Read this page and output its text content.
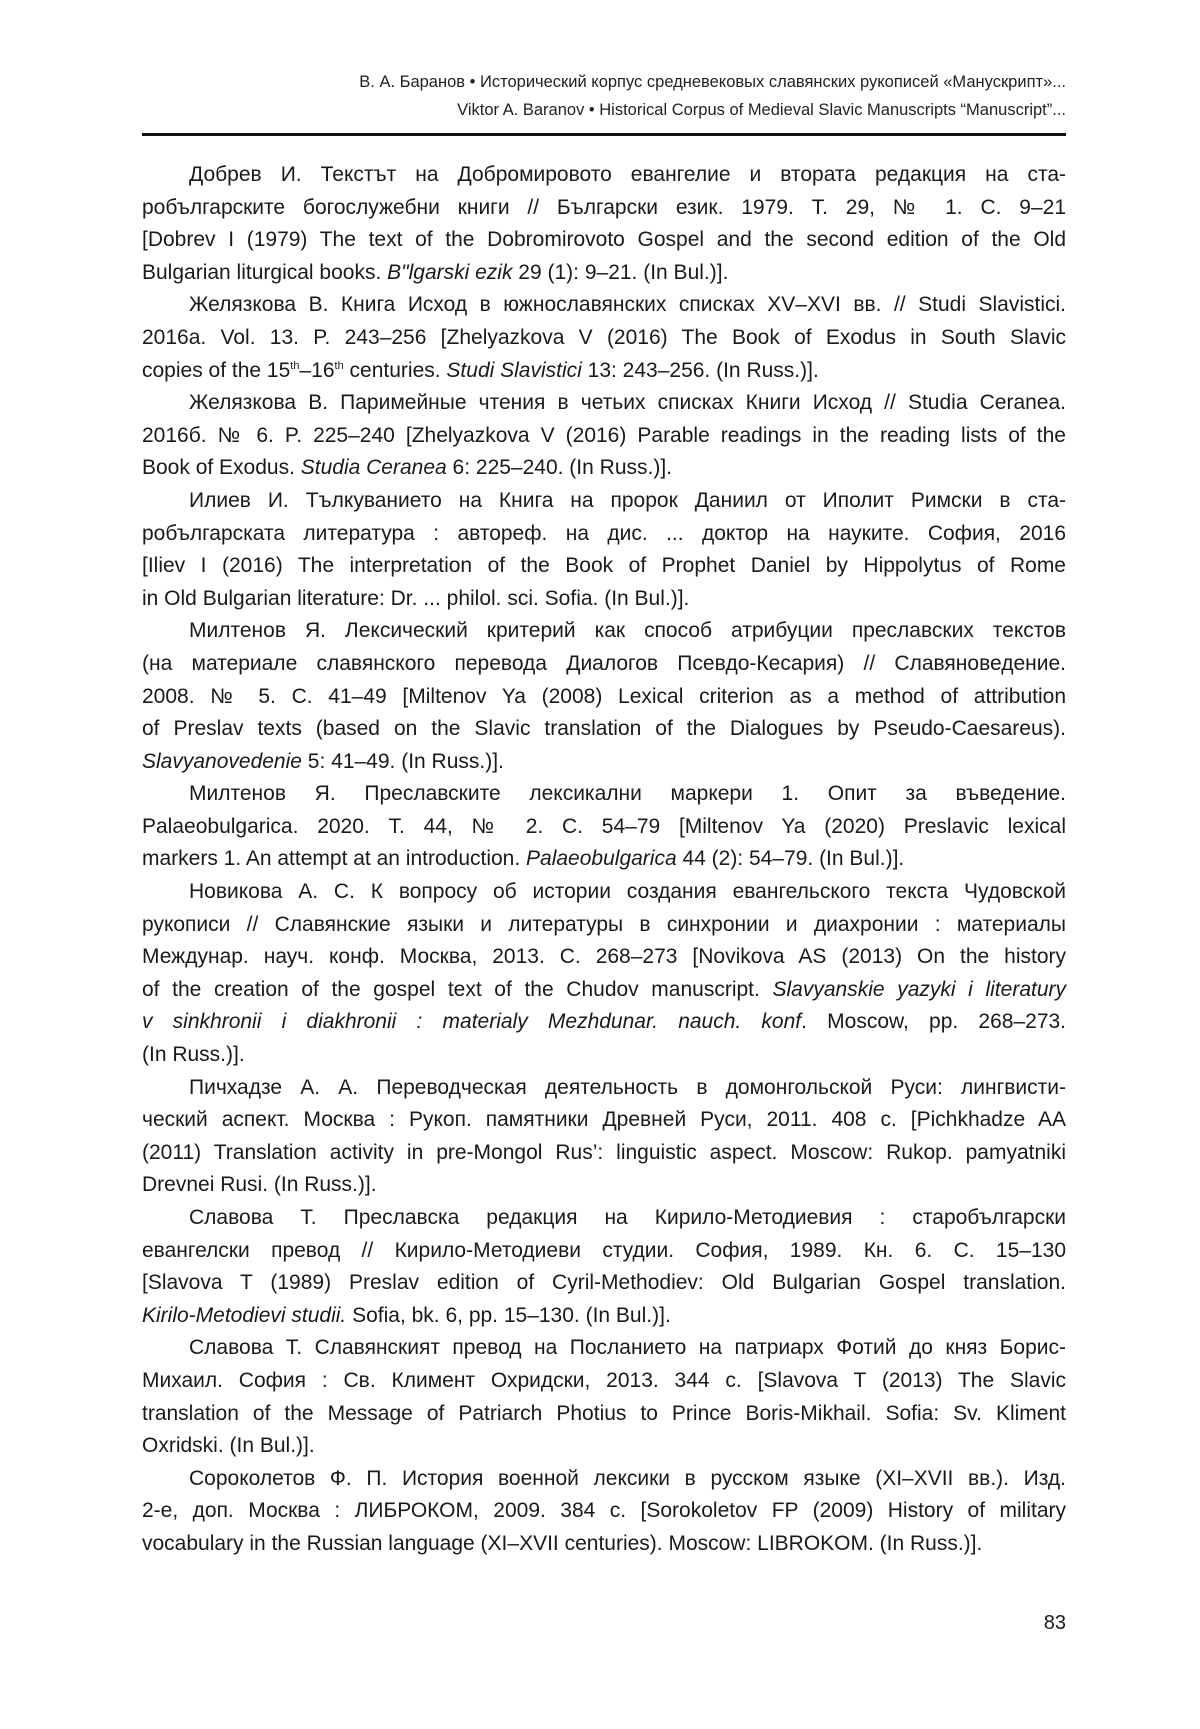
В. А. Баранов • Исторический корпус средневековых славянских рукописей «Манускрипт»...
Viktor A. Baranov • Historical Corpus of Medieval Slavic Manuscripts “Manuscript”...
Добрев И. Текстът на Добромировото евангелие и втората редакция на ста-
робългарските богослужебни книги // Български език. 1979. Т. 29, № 1. С. 9–21
[Dobrev I (1979) The text of the Dobromirovoto Gospel and the second edition of the Old
Bulgarian liturgical books. B"lgarski ezik 29 (1): 9–21. (In Bul.)].
Желязкова В. Книга Исход в южнославянских списках XV–XVI вв. // Studi Slavistici.
2016а. Vol. 13. P. 243–256 [Zhelyazkova V (2016) The Book of Exodus in South Slavic
copies of the 15th–16th centuries. Studi Slavistici 13: 243–256. (In Russ.)].
Желязкова В. Паримейные чтения в четьих списках Книги Исход // Studia Ceranea.
2016б. № 6. P. 225–240 [Zhelyazkova V (2016) Parable readings in the reading lists of the
Book of Exodus. Studia Ceranea 6: 225–240. (In Russ.)].
Илиев И. Тълкуванието на Книга на пророк Даниил от Иполит Римски в ста-
робългарската литература : автореф. на дис. ... доктор на науките. София, 2016
[Iliev I (2016) The interpretation of the Book of Prophet Daniel by Hippolytus of Rome
in Old Bulgarian literature: Dr. ... philol. sci. Sofia. (In Bul.)].
Милтенов Я. Лексический критерий как способ атрибуции преславских текстов
(на материале славянского перевода Диалогов Псевдо-Кесария) // Славяноведение.
2008. № 5. С. 41–49 [Miltenov Ya (2008) Lexical criterion as a method of attribution
of Preslav texts (based on the Slavic translation of the Dialogues by Pseudo-Caesareus).
Slavyanovedenie 5: 41–49. (In Russ.)].
Милтенов Я. Преславските лексикални маркери 1. Опит за въведение.
Palaeobulgarica. 2020. Т. 44, № 2. С. 54–79 [Miltenov Ya (2020) Preslavic lexical
markers 1. An attempt at an introduction. Palaeobulgarica 44 (2): 54–79. (In Bul.)].
Новикова А. С. К вопросу об истории создания евангельского текста Чудовской
рукописи // Славянские языки и литературы в синхронии и диахронии : материалы
Междунар. науч. конф. Москва, 2013. С. 268–273 [Novikova AS (2013) On the history
of the creation of the gospel text of the Chudov manuscript. Slavyanskie yazyki i literatury
v sinkhronii i diakhronii : materialy Mezhdunar. nauch. konf. Moscow, pp. 268–273.
(In Russ.)].
Пичхадзе А. А. Переводческая деятельность в домонгольской Руси: лингвисти-
ческий аспект. Москва : Рукоп. памятники Древней Руси, 2011. 408 с. [Pichkhadze AA
(2011) Translation activity in pre-Mongol Rus’: linguistic aspect. Moscow: Rukop. pamyatniki
Drevnei Rusi. (In Russ.)].
Славова Т. Преславска редакция на Кирило-Методиевия : старобългарски
евангелски превод // Кирило-Методиеви студии. София, 1989. Кн. 6. С. 15–130
[Slavova T (1989) Preslav edition of Cyril-Methodiev: Old Bulgarian Gospel translation.
Kirilo-Metodievi studii. Sofia, bk. 6, pp. 15–130. (In Bul.)].
Славова Т. Славянският превод на Посланието на патриарх Фотий до княз Борис-
Михаил. София : Св. Климент Охридски, 2013. 344 с. [Slavova T (2013) The Slavic
translation of the Message of Patriarch Photius to Prince Boris-Mikhail. Sofia: Sv. Kliment
Oxridski. (In Bul.)].
Сороколетов Ф. П. История военной лексики в русском языке (XI–XVII вв.). Изд.
2-е, доп. Москва : ЛИБРОКОМ, 2009. 384 с. [Sorokoletov FP (2009) History of military
vocabulary in the Russian language (XI–XVII centuries). Moscow: LIBROKOM. (In Russ.)].
83
